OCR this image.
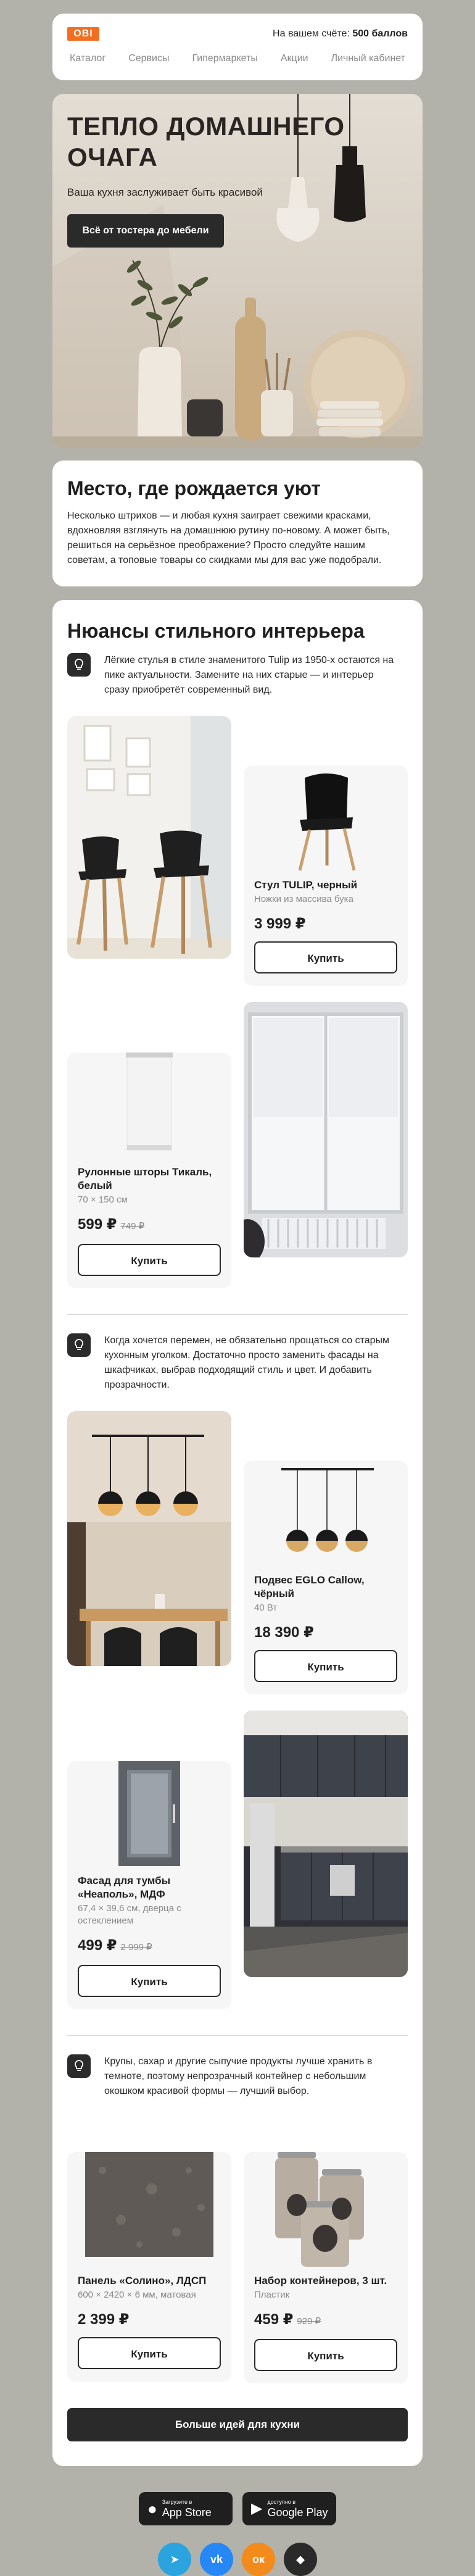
OBI	На вашем счёте: 500 баллов
Каталог Сервисы Гипермаркеты Акции Личный кабинет
ТЕПЛО ДОМАШНЕГО ОЧАГА
Ваша кухня заслуживает быть красивой
Всё от тостера до мебели
Место, где рождается уют

Несколько штрихов — и любая кухня заиграет свежими красками, вдохновляя взглянуть на домашнюю рутину по-новому. А может быть, решиться на серьёзное преображение? Просто следуйте нашим советам, а топовые товары со скидками мы для вас уже подобрали.

Нюансы стильного интерьера

Лёгкие стулья в стиле знаменитого Tulip из 1950-х остаются на пике актуальности. Замените на них старые — и интерьер сразу приобретёт современный вид.

Стул TULIP, черный
Ножки из массива бука
3 999 ₽
Купить
Рулонные шторы Тикаль, белый
70 × 150 см
599 ₽ 749 ₽
Купить

Когда хочется перемен, не обязательно прощаться со старым кухонным уголком. Достаточно просто заменить фасады на шкафчиках, выбрав подходящий стиль и цвет. И добавить прозрачности.

Подвес EGLO Callow, чёрный
40 Вт
18 390 ₽
Купить
Фасад для тумбы «Неаполь», МДФ
67,4 × 39,6 см, дверца с остеклением
499 ₽ 2 999 ₽
Купить

Крупы, сахар и другие сыпучие продукты лучше хранить в темноте, поэтому непрозрачный контейнер с небольшим окошком красивой формы — лучший выбор.

Панель «Солино», ЛДСП
600 × 2420 × 6 мм, матовая
2 399 ₽
Купить
Набор контейнеров, 3 шт.
Пластик
459 ₽ 929 ₽
Купить
Больше идей для кухни
● Загрузите в
App Store	▶ доступно в
Google Play
➤	vk	ок	◆
